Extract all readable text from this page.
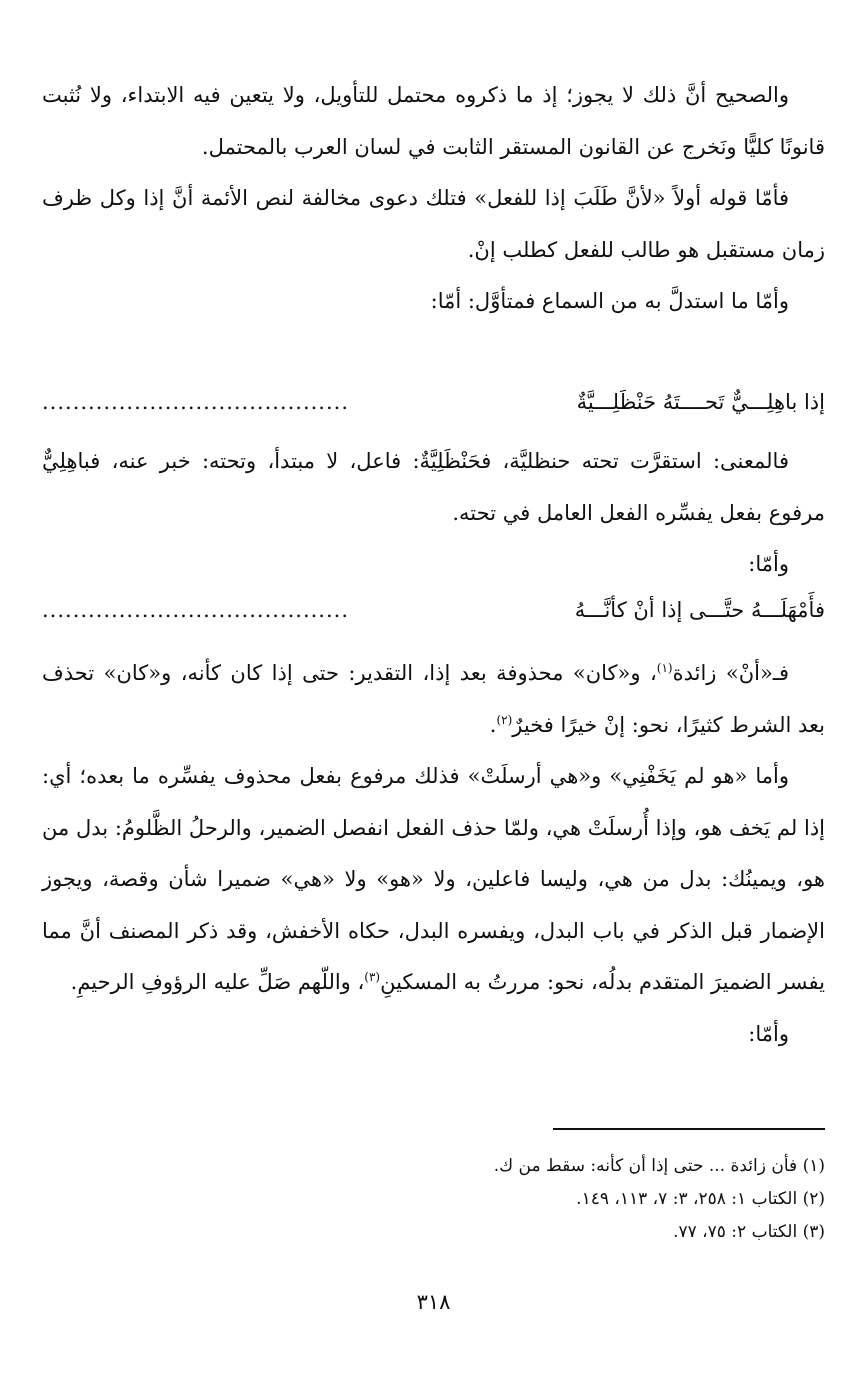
والصحيح أنَّ ذلك لا يجوز؛ إذ ما ذكروه محتمل للتأويل، ولا يتعين فيه الابتداء، ولا نُثبت قانونًا كليًّا ونَخرج عن القانون المستقر الثابت في لسان العرب بالمحتمل.

فأمّا قوله أولاً «لأنَّ طَلَبَ إذا للفعل» فتلك دعوى مخالفة لنص الأئمة أنَّ إذا وكل ظرف زمان مستقبل هو طالب للفعل كطلب إنْ.

وأمّا ما استدلَّ به من السماع فمتأوَّل: أمّا:

إذا باهِلِـــيٌّ تَحــــتَهُ حَنْظَلِـــيَّةٌ
........................................

فالمعنى: استقرَّت تحته حنظليَّة، فحَنْظَلِيَّةٌ: فاعل، لا مبتدأ، وتحته: خبر عنه، فباهِلِيٌّ مرفوع بفعل يفسِّره الفعل العامل في تحته.

وأمّا:

فأَمْهَلَـــهُ حتَّـــى إذا أنْ كأنَّـــهُ
........................................

فـ«أنْ» زائدة$^{(١)}$، و«كان» محذوفة بعد إذا، التقدير: حتى إذا كان كأنه، و«كان» تحذف بعد الشرط كثيرًا، نحو: إنْ خيرًا فخيرٌ$^{(٢)}$.

وأما «هو لم يَخَفْنِي» و«هي أرسلَتْ» فذلك مرفوع بفعل محذوف يفسِّره ما بعده؛ أي: إذا لم يَخف هو، وإذا أُرسلَتْ هي، ولمّا حذف الفعل انفصل الضمير، والرحلُ الظَّلومُ: بدل من هو، ويمينُك: بدل من هي، وليسا فاعلين، ولا «هو» ولا «هي» ضميرا شأن وقصة، ويجوز الإضمار قبل الذكر في باب البدل، ويفسره البدل، حكاه الأخفش، وقد ذكر المصنف أنَّ مما يفسر الضميرَ المتقدم بدلُه، نحو: مررتُ به المسكينِ$^{(٣)}$، واللّهم صَلِّ عليه الرؤوفِ الرحيمِ.

وأمّا:

(١) فأن زائدة ... حتى إذا أن كأنه: سقط من ك.

(٢) الكتاب ١: ٢٥٨، ٣: ٧، ١١٣، ١٤٩.

(٣) الكتاب ٢: ٧٥، ٧٧.

٣١٨
